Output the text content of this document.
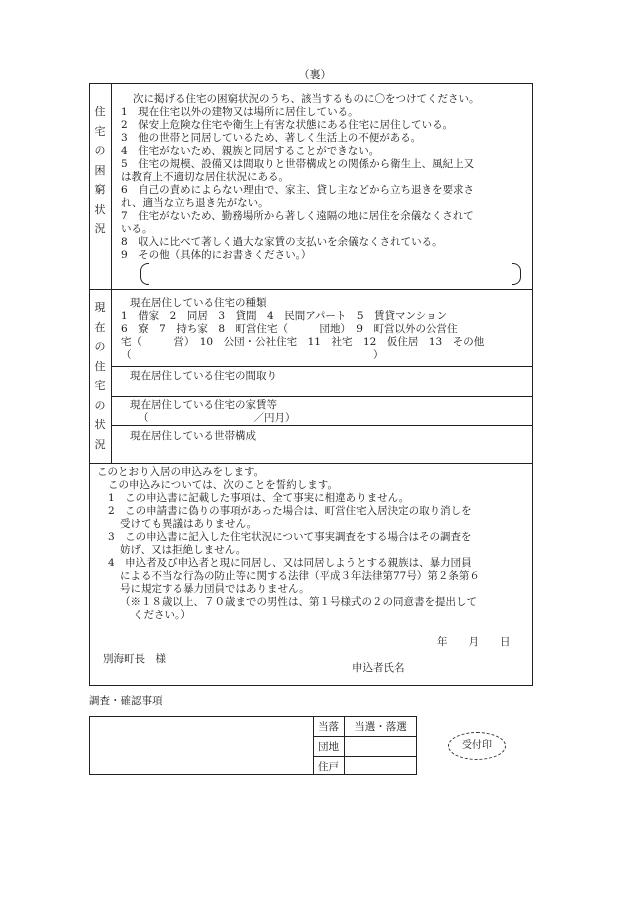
（裏）
住
宅
の
困
窮
状
況
次に掲げる住宅の困窮状況のうち、該当するものに〇をつけてください。
1　現在住宅以外の建物又は場所に居住している。
2　保安上危険な住宅や衛生上有害な状態にある住宅に居住している。
3　他の世帯と同居しているため、著しく生活上の不便がある。
4　住宅がないため、親族と同居することができない。
5　住宅の規模、設備又は間取りと世帯構成との関係から衛生上、風紀上又
は教育上不適切な居住状況にある。
6　自己の責めによらない理由で、家主、貸し主などから立ち退きを要求さ
れ、適当な立ち退き先がない。
7　住宅がないため、勤務場所から著しく遠隔の地に居住を余儀なくされて
いる。
8　収入に比べて著しく過大な家賃の支払いを余儀なくされている。
9　その他（具体的にお書きください。）
現
在
の
住
宅
の
状
況
現在居住している住宅の種類
1　借家　2　同居　3　貸間　4　民間アパート　5　賃貸マンション
6　寮　7　持ち家　8　町営住宅（　　　団地）　9　町営以外の公営住
宅（　　　営）　10　公団・公社住宅　11　社宅　12　仮住居　13　その他
（　　　　　　　　　　　　　　　　　　　　　　　）
現在居住している住宅の間取り
現在居住している住宅の家賃等
（　　　　　　　　　　／円月）
現在居住している世帯構成
このとおり入居の申込みをします。
この申込みについては、次のことを誓約します。
1　この申込書に記載した事項は、全て事実に相違ありません。
2　この申請書に偽りの事項があった場合は、町営住宅入居決定の取り消しを
受けても異議はありません。
3　この申込書に記入した住宅状況について事実調査をする場合はその調査を
妨げ、又は拒絶しません。
4　申込者及び申込者と現に同居し、又は同居しようとする親族は、暴力団員
による不当な行為の防止等に関する法律（平成３年法律第77号）第２条第６
号に規定する暴力団員ではありません。
（※１８歳以上、７０歳までの男性は、第１号様式の２の同意書を提出して
ください。）
年　　月　　日
別海町長　様
申込者氏名
調査・確認事項
当落	当選・落選
団地
住戸
受付印
